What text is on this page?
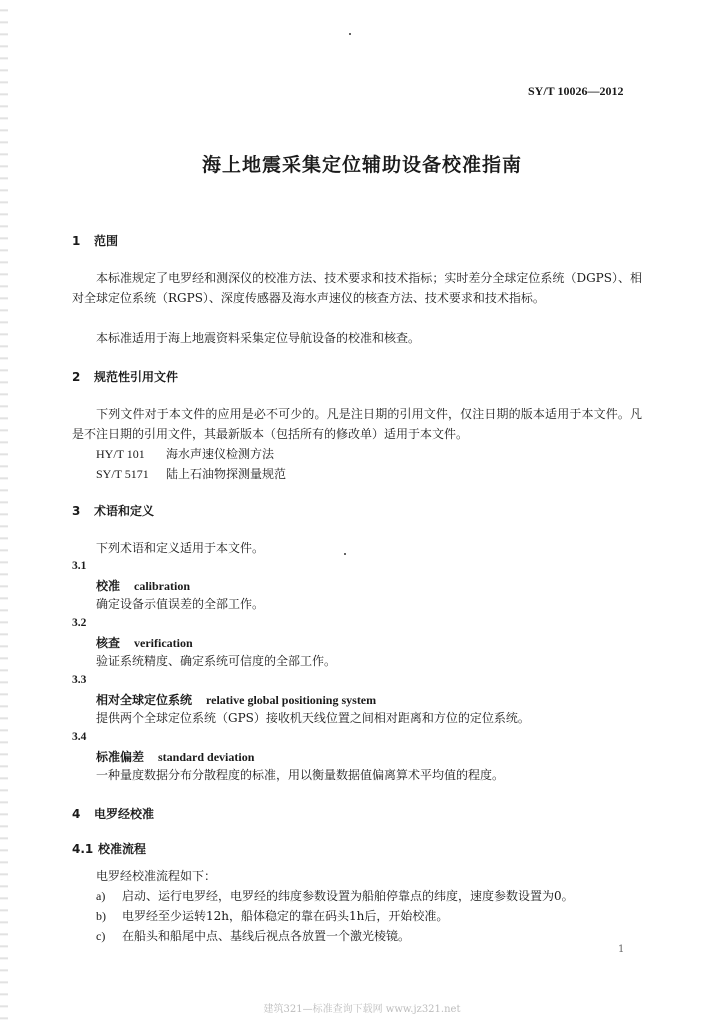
SY/T 10026—2012
海上地震采集定位辅助设备校准指南
1 范围
本标准规定了电罗经和测深仪的校准方法、技术要求和技术指标；实时差分全球定位系统（DGPS）、相对全球定位系统（RGPS）、深度传感器及海水声速仪的核查方法、技术要求和技术指标。
本标准适用于海上地震资料采集定位导航设备的校准和核查。
2 规范性引用文件
下列文件对于本文件的应用是必不可少的。凡是注日期的引用文件，仅注日期的版本适用于本文件。凡是不注日期的引用文件，其最新版本（包括所有的修改单）适用于本文件。
HY/T 101 海水声速仪检测方法
SY/T 5171 陆上石油物探测量规范
3 术语和定义
下列术语和定义适用于本文件。
3.1
校准 calibration
确定设备示值误差的全部工作。
3.2
核查 verification
验证系统精度、确定系统可信度的全部工作。
3.3
相对全球定位系统 relative global positioning system
提供两个全球定位系统（GPS）接收机天线位置之间相对距离和方位的定位系统。
3.4
标准偏差 standard deviation
一种量度数据分布分散程度的标准，用以衡量数据值偏离算术平均值的程度。
4 电罗经校准
4.1 校准流程
电罗经校准流程如下：
a) 启动、运行电罗经，电罗经的纬度参数设置为船舶停靠点的纬度，速度参数设置为0。
b) 电罗经至少运转12h，船体稳定的靠在码头1h后，开始校准。
c) 在船头和船尾中点、基线后视点各放置一个激光棱镜。
1
建筑321—标准查询下载网 www.jz321.net
